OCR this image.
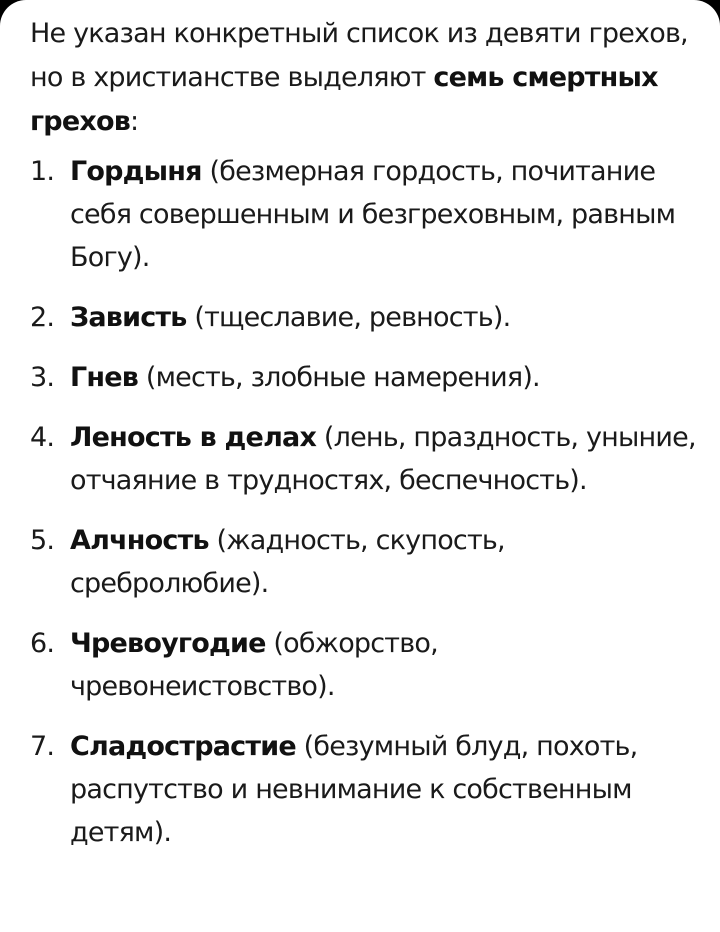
Не указан конкретный список из девяти грехов, но в христианстве выделяют семь смертных грехов:

1. Гордыня (безмерная гордость, почитание себя совершенным и безгреховным, равным Богу).
2. Зависть (тщеславие, ревность).
3. Гнев (месть, злобные намерения).
4. Леность в делах (лень, праздность, уныние, отчаяние в трудностях, беспечность).
5. Алчность (жадность, скупость, сребролюбие).
6. Чревоугодие (обжорство, чревонеистовство).
7. Сладострастие (безумный блуд, похоть, распутство и невнимание к собственным детям).
